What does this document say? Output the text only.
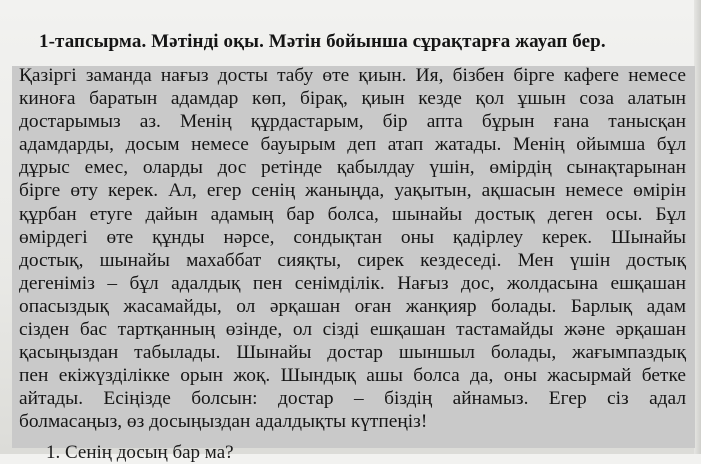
1-тапсырма. Мәтінді оқы. Мәтін бойынша сұрақтарға жауап бер.
Қазіргі заманда нағыз досты табу өте қиын. Ия, бізбен бірге кафеге немесе
киноға баратын адамдар көп, бірақ, қиын кезде қол ұшын соза алатын
достарымыз аз. Менің құрдастарым, бір апта бұрын ғана танысқан
адамдарды, досым немесе бауырым деп атап жатады. Менің ойымша бұл
дұрыс емес, оларды дос ретінде қабылдау үшін, өмірдің сынақтарынан
бірге өту керек. Ал, егер сенің жаныңда, уақытын, ақшасын немесе өмірін
құрбан етуге дайын адамың бар болса, шынайы достық деген осы. Бұл
өмірдегі өте құнды нәрсе, сондықтан оны қадірлеу керек. Шынайы
достық, шынайы махаббат сияқты, сирек кездеседі. Мен үшін достық
дегеніміз – бұл адалдық пен сенімділік. Нағыз дос, жолдасына ешқашан
опасыздық жасамайды, ол әрқашан оған жанқияр болады. Барлық адам
сізден бас тартқанның өзінде, ол сізді ешқашан тастамайды және әрқашан
қасыңыздан табылады. Шынайы достар шыншыл болады, жағымпаздық
пен екіжүзділікке орын жоқ. Шындық ашы болса да, оны жасырмай бетке
айтады. Есіңізде болсын: достар – біздің айнамыз. Егер сіз адал
болмасаңыз, өз досыңыздан адалдықты күтпеңіз!
1. Сенің досың бар ма?
